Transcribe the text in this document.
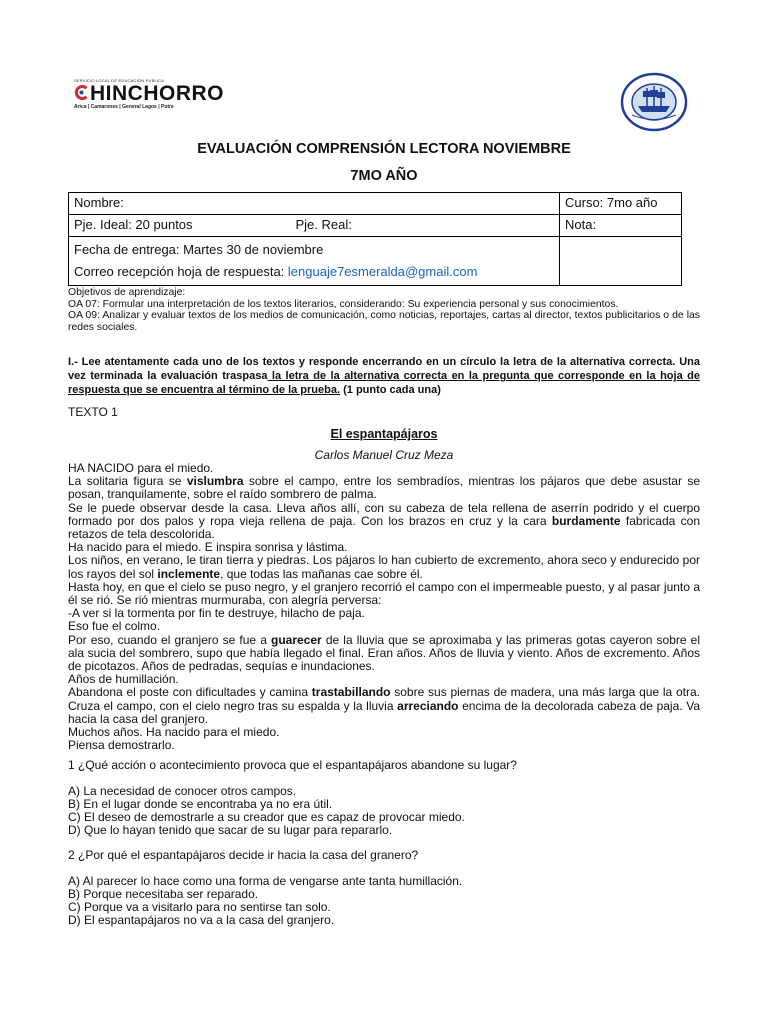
SERVICIO LOCAL DE EDUCACIÓN PÚBLICA
HINCHORRO
Arica | Camarones | General Lagos | Putre
EVALUACIÓN COMPRENSIÓN LECTORA NOVIEMBRE
7MO AÑO
Nombre:	Curso: 7mo año
Pje. Ideal: 20 puntos Pje. Real:	Nota:

Fecha de entrega: Martes 30 de noviembre
Correo recepción hoja de respuesta: lenguaje7esmeralda@gmail.com	

Objetivos de aprendizaje:
OA 07: Formular una interpretación de los textos literarios, considerando: Su experiencia personal y sus conocimientos.
OA 09: Analizar y evaluar textos de los medios de comunicación, como noticias, reportajes, cartas al director, textos publicitarios o de las redes sociales.
I.- Lee atentamente cada uno de los textos y responde encerrando en un círculo la letra de la alternativa correcta. Una vez terminada la evaluación traspasa la letra de la alternativa correcta en la pregunta que corresponde en la hoja de respuesta que se encuentra al término de la prueba. (1 punto cada una)
TEXTO 1
El espantapájaros
Carlos Manuel Cruz Meza

HA NACIDO para el miedo.

La solitaria figura se vislumbra sobre el campo, entre los sembradíos, mientras los pájaros que debe asustar se posan, tranquilamente, sobre el raído sombrero de palma.

Se le puede observar desde la casa. Lleva años allí, con su cabeza de tela rellena de aserrín podrido y el cuerpo formado por dos palos y ropa vieja rellena de paja. Con los brazos en cruz y la cara burdamente fabricada con retazos de tela descolorida.

Ha nacido para el miedo. E inspira sonrisa y lástima.

Los niños, en verano, le tiran tierra y piedras. Los pájaros lo han cubierto de excremento, ahora seco y endurecido por los rayos del sol inclemente, que todas las mañanas cae sobre él.

Hasta hoy, en que el cielo se puso negro, y el granjero recorrió el campo con el impermeable puesto, y al pasar junto a él se rió. Se rió mientras murmuraba, con alegría perversa:

-A ver si la tormenta por fin te destruye, hilacho de paja.

Eso fue el colmo.

Por eso, cuando el granjero se fue a guarecer de la lluvia que se aproximaba y las primeras gotas cayeron sobre el ala sucia del sombrero, supo que había llegado el final. Eran años. Años de lluvia y viento. Años de excremento. Años de picotazos. Años de pedradas, sequías e inundaciones.

Años de humillación.

Abandona el poste con dificultades y camina trastabillando sobre sus piernas de madera, una más larga que la otra. Cruza el campo, con el cielo negro tras su espalda y la lluvia arreciando encima de la decolorada cabeza de paja. Va hacia la casa del granjero.

Muchos años. Ha nacido para el miedo.

Piensa demostrarlo.

1 ¿Qué acción o acontecimiento provoca que el espantapájaros abandone su lugar?

A) La necesidad de conocer otros campos.

B) En el lugar donde se encontraba ya no era útil.

C) El deseo de demostrarle a su creador que es capaz de provocar miedo.

D) Que lo hayan tenido que sacar de su lugar para repararlo.

2 ¿Por qué el espantapájaros decide ir hacia la casa del granero?

A) Al parecer lo hace como una forma de vengarse ante tanta humillación.

B) Porque necesitaba ser reparado.

C) Porque va a visitarlo para no sentirse tan solo.

D) El espantapájaros no va a la casa del granjero.
